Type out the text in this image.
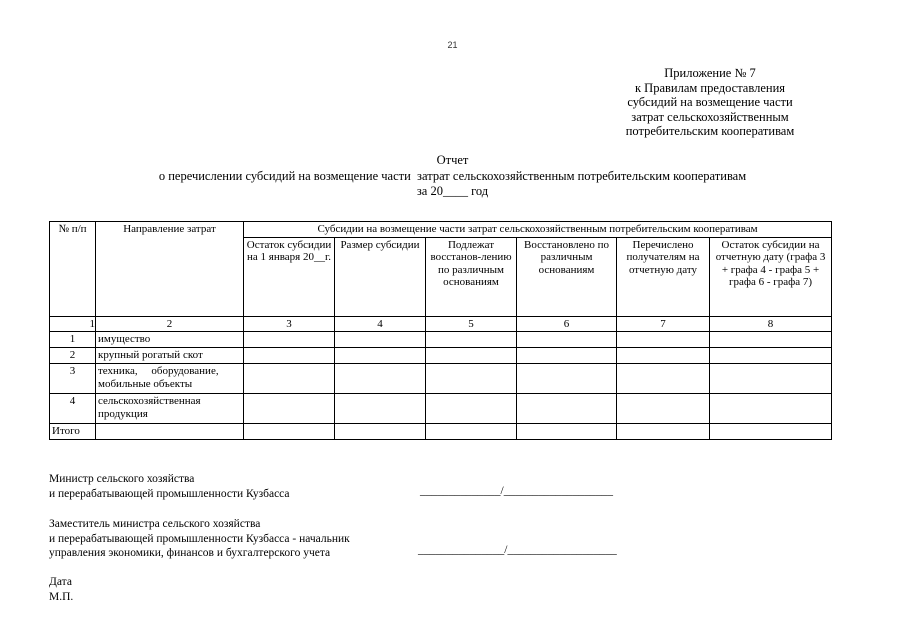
21
Приложение № 7
к Правилам предоставления
субсидий на возмещение части
затрат сельскохозяйственным
потребительским кооперативам
Отчет
о перечислении субсидий на возмещение части  затрат сельскохозяйственным потребительским кооперативам
за 20____ год
№ п/п	Направление затрат	Субсидии на возмещение части затрат сельскохозяйственным потребительским кооперативам					
		Остаток субсидии на 1 января 20__г.	Размер субсидии	Подлежат восстанов-лению по различным основаниям	Восстановлено по различным основаниям	Перечислено получателям на отчетную дату	Остаток субсидии на отчетную дату (графа 3 + графа 4 - графа 5 + графа 6 - графа 7)
1	2	3	4	5	6	7	8
1	имущество						
2	крупный рогатый скот						
3	техника,     оборудование,
мобильные объекты						

4	сельскохозяйственная
продукция						

Итого							
Министр сельского хозяйства
и перерабатывающей промышленности Кузбасса	______________/___________________
Заместитель министра сельского хозяйства
и перерабатывающей промышленности Кузбасса - начальник
управления экономики, финансов и бухгалтерского учета	_______________/___________________
Дата
М.П.
